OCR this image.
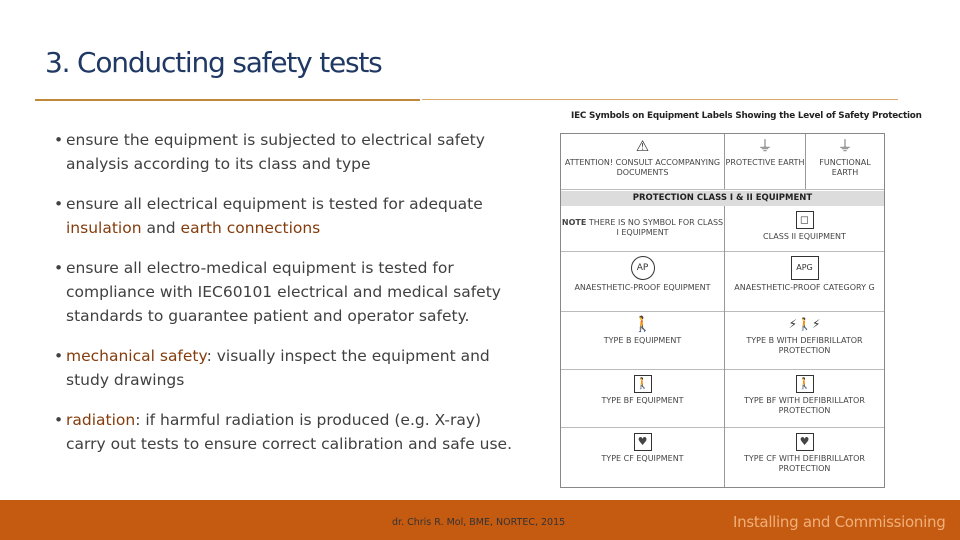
3. Conducting safety tests
• ensure the equipment is subjected to electrical safety analysis according to its class and type
• ensure all electrical equipment is tested for adequate insulation and earth connections
• ensure all electro-medical equipment is tested for compliance with IEC60101 electrical and medical safety standards to guarantee patient and operator safety.
• mechanical safety: visually inspect the equipment and study drawings
• radiation: if harmful radiation is produced (e.g. X-ray) carry out tests to ensure correct calibration and safe use.
IEC Symbols on Equipment Labels Showing the Level of Safety Protection
⚠
ATTENTION! CONSULT ACCOMPANYING DOCUMENTS
⏚
PROTECTIVE EARTH
⏚
FUNCTIONAL EARTH
PROTECTION CLASS I & II EQUIPMENT
NOTE THERE IS NO SYMBOL FOR CLASS I EQUIPMENT
◻
CLASS II EQUIPMENT
AP
ANAESTHETIC-PROOF EQUIPMENT
APG
ANAESTHETIC-PROOF CATEGORY G
🚶
TYPE B EQUIPMENT
⚡🚶⚡
TYPE B WITH DEFIBRILLATOR PROTECTION
🚶
TYPE BF EQUIPMENT
🚶
TYPE BF WITH DEFIBRILLATOR PROTECTION
♥
TYPE CF EQUIPMENT
♥
TYPE CF WITH DEFIBRILLATOR PROTECTION
dr. Chris R. Mol, BME, NORTEC, 2015	Installing and Commissioning
